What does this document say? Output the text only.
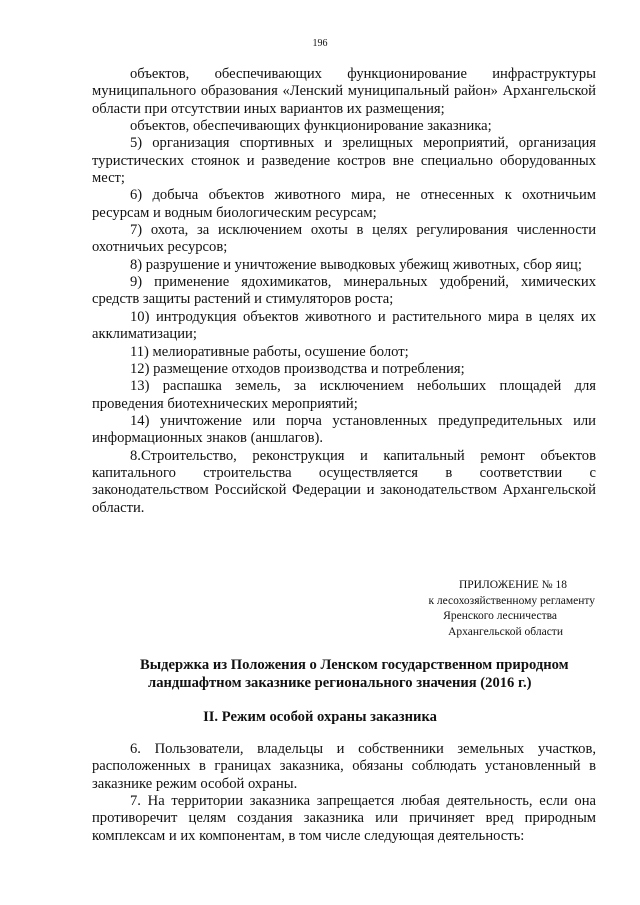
196

объектов, обеспечивающих функционирование инфраструктуры муниципального образования «Ленский муниципальный район» Архангельской области при отсутствии иных вариантов их размещения;

объектов, обеспечивающих функционирование заказника;

5) организация спортивных и зрелищных мероприятий, организация туристических стоянок и разведение костров вне специально оборудованных мест;

6) добыча объектов животного мира, не отнесенных к охотничьим ресурсам и водным биологическим ресурсам;

7) охота, за исключением охоты в целях регулирования численности охотничьих ресурсов;

8) разрушение и уничтожение выводковых убежищ животных, сбор яиц;

9) применение ядохимикатов, минеральных удобрений, химических средств защиты растений и стимуляторов роста;

10) интродукция объектов животного и растительного мира в целях их акклиматизации;

11) мелиоративные работы, осушение болот;

12) размещение отходов производства и потребления;

13) распашка земель, за исключением небольших площадей для проведения биотехнических мероприятий;

14) уничтожение или порча установленных предупредительных или информационных знаков (аншлагов).

8.Строительство, реконструкция и капитальный ремонт объектов капитального строительства осуществляется в соответствии с законодательством Российской Федерации и законодательством Архангельской области.

ПРИЛОЖЕНИЕ № 18
к лесохозяйственному регламенту
Яренского лесничества
Архангельской области
Выдержка из Положения о Ленском государственном природном
ландшафтном заказнике регионального значения (2016 г.)
II. Режим особой охраны заказника

6. Пользователи, владельцы и собственники земельных участков, расположенных в границах заказника, обязаны соблюдать установленный в заказнике режим особой охраны.

7. На территории заказника запрещается любая деятельность, если она противоречит целям создания заказника или причиняет вред природным комплексам и их компонентам, в том числе следующая деятельность:
